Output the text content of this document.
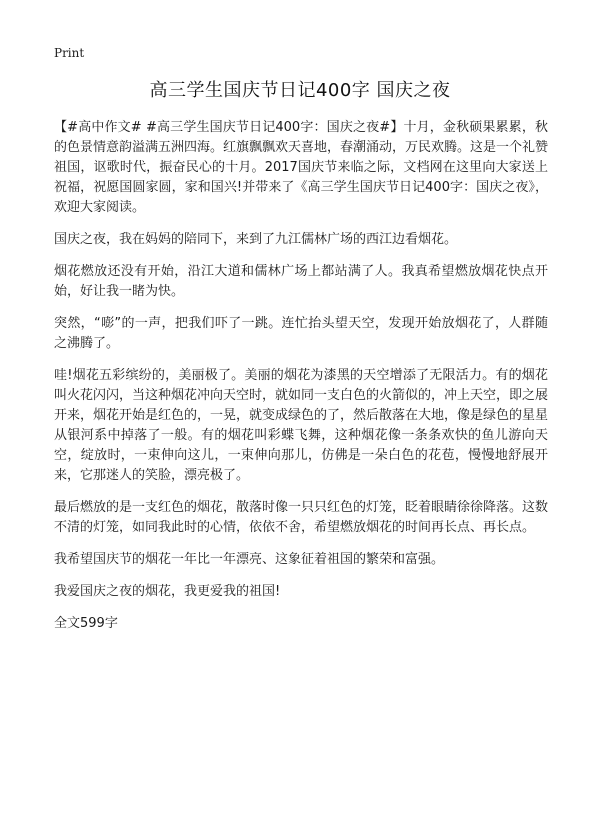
Print
高三学生国庆节日记400字 国庆之夜

【#高中作文# #高三学生国庆节日记400字：国庆之夜#】十月，金秋硕果累累，秋的色景情意韵溢满五洲四海。红旗飘飘欢天喜地，春潮涌动，万民欢腾。这是一个礼赞祖国，讴歌时代，振奋民心的十月。2017国庆节来临之际，文档网在这里向大家送上祝福，祝愿国圆家圆，家和国兴!并带来了《高三学生国庆节日记400字：国庆之夜》，欢迎大家阅读。

国庆之夜，我在妈妈的陪同下，来到了九江儒林广场的西江边看烟花。

烟花燃放还没有开始，沿江大道和儒林广场上都站满了人。我真希望燃放烟花快点开始，好让我一睹为快。

突然，“嘭”的一声，把我们吓了一跳。连忙抬头望天空，发现开始放烟花了，人群随之沸腾了。

哇!烟花五彩缤纷的，美丽极了。美丽的烟花为漆黑的天空增添了无限活力。有的烟花叫火花闪闪，当这种烟花冲向天空时，就如同一支白色的火箭似的，冲上天空，即之展开来，烟花开始是红色的，一晃，就变成绿色的了，然后散落在大地，像是绿色的星星从银河系中掉落了一般。有的烟花叫彩蝶飞舞，这种烟花像一条条欢快的鱼儿游向天空，绽放时，一束伸向这儿，一束伸向那儿，仿佛是一朵白色的花苞，慢慢地舒展开来，它那迷人的笑脸，漂亮极了。

最后燃放的是一支红色的烟花，散落时像一只只红色的灯笼，眨着眼睛徐徐降落。这数不清的灯笼，如同我此时的心情，依依不舍，希望燃放烟花的时间再长点、再长点。

我希望国庆节的烟花一年比一年漂亮、这象征着祖国的繁荣和富强。

我爱国庆之夜的烟花，我更爱我的祖国!

全文599字
